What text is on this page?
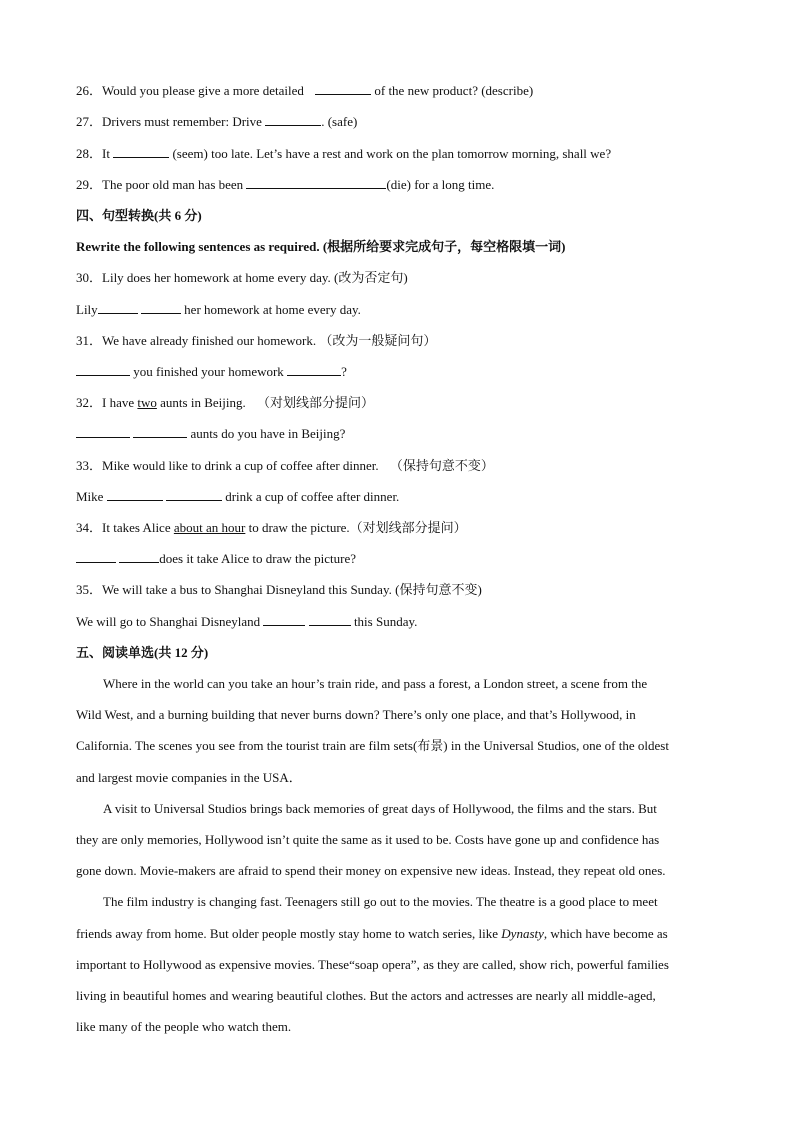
26．Would you please give a more detailed	of the new product? (describe)
27．Drivers must remember: Drive	. (safe)
28．It	(seem) too late. Let’s have a rest and work on the plan tomorrow morning, shall we?
29．The poor old man has been	(die) for a long time.
四、句型转换(共 6 分)
Rewrite the following sentences as required. (根据所给要求完成句子，每空格限填一词)
30．Lily does her homework at home every day. (改为否定句)
Lily	her homework at home every day.
31．We have already finished our homework. （改为一般疑问句）
you finished your homework	?
32．I have two aunts in Beijing. （对划线部分提问）
aunts do you have in Beijing?
33．Mike would like to drink a cup of coffee after dinner. （保持句意不变）
Mike	drink a cup of coffee after dinner.
34．It takes Alice about an hour to draw the picture.（对划线部分提问）
does it take Alice to draw the picture?
35．We will take a bus to Shanghai Disneyland this Sunday. (保持句意不变)
We will go to Shanghai Disneyland	this Sunday.
五、阅读单选(共 12 分)
Where in the world can you take an hour’s train ride, and pass a forest, a London street, a scene from the
Wild West, and a burning building that never burns down? There’s only one place, and that’s Hollywood, in
California. The scenes you see from the tourist train are film sets(布景) in the Universal Studios, one of the oldest
and largest movie companies in the USA．
A visit to Universal Studios brings back memories of great days of Hollywood, the films and the stars. But
they are only memories, Hollywood isn’t quite the same as it used to be. Costs have gone up and confidence has
gone down. Movie-makers are afraid to spend their money on expensive new ideas. Instead, they repeat old ones.
The film industry is changing fast. Teenagers still go out to the movies. The theatre is a good place to meet
friends away from home. But older people mostly stay home to watch series, like Dynasty, which have become as
important to Hollywood as expensive movies. These“soap opera”, as they are called, show rich, powerful families
living in beautiful homes and wearing beautiful clothes. But the actors and actresses are nearly all middle-aged,
like many of the people who watch them.
